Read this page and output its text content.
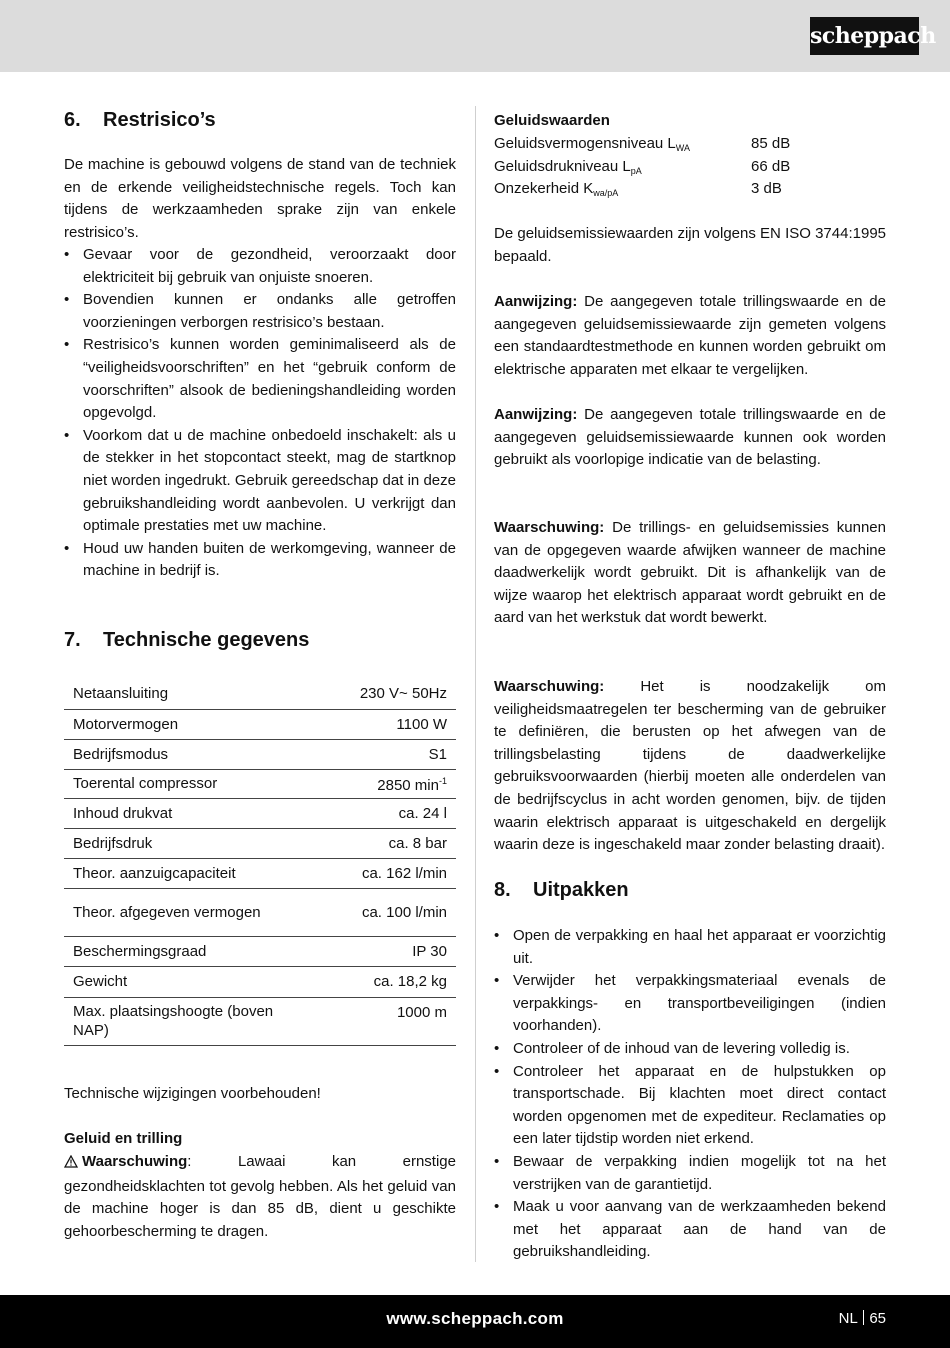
scheppach
6. Restrisico’s
De machine is gebouwd volgens de stand van de techniek en de erkende veiligheidstechnische regels. Toch kan tijdens de werkzaamheden sprake zijn van enkele restrisico’s.
• Gevaar voor de gezondheid, veroorzaakt door elektriciteit bij gebruik van onjuiste snoeren.
• Bovendien kunnen er ondanks alle getroffen voorzieningen verborgen restrisico’s bestaan.
• Restrisico’s kunnen worden geminimaliseerd als de “veiligheidsvoorschriften” en het “gebruik conform de voorschriften” alsook de bedieningshandleiding worden opgevolgd.
• Voorkom dat u de machine onbedoeld inschakelt: als u de stekker in het stopcontact steekt, mag de startknop niet worden ingedrukt. Gebruik gereedschap dat in deze gebruikshandleiding wordt aanbevolen. U verkrijgt dan optimale prestaties met uw machine.
• Houd uw handen buiten de werkomgeving, wanneer de machine in bedrijf is.
7. Technische gegevens
Netaansluiting	230 V~ 50Hz
Motorvermogen	1100 W
Bedrijfsmodus	S1
Toerental compressor	2850 $\min^{-1}$
Inhoud drukvat	ca. 24 l
Bedrijfsdruk	ca. 8 bar
Theor. aanzuigcapaciteit	ca. 162 l/min
Theor. afgegeven vermogen	ca. 100 l/min
Beschermingsgraad	IP 30
Gewicht	ca. 18,2 kg
Max. plaatsingshoogte (boven NAP)	1000 m
Technische wijzigingen voorbehouden!
Geluid en trilling
Waarschuwing: Lawaai kan ernstige gezondheidsklachten tot gevolg hebben. Als het geluid van de machine hoger is dan 85 dB, dient u geschikte gehoorbescherming te dragen.
Geluidswaarden
Geluidsvermogensniveau $L_{WA}$	85 dB
Geluidsdrukniveau $L_{pA}$	66 dB
Onzekerheid $K_{wa/pA}$	3 dB
De geluidsemissiewaarden zijn volgens EN ISO 3744:1995 bepaald.
Aanwijzing: De aangegeven totale trillingswaarde en de aangegeven geluidsemissiewaarde zijn gemeten volgens een standaardtestmethode en kunnen worden gebruikt om elektrische apparaten met elkaar te vergelijken.
Aanwijzing: De aangegeven totale trillingswaarde en de aangegeven geluidsemissiewaarde kunnen ook worden gebruikt als voorlopige indicatie van de belasting.
Waarschuwing: De trillings- en geluidsemissies kunnen van de opgegeven waarde afwijken wanneer de machine daadwerkelijk wordt gebruikt. Dit is afhankelijk van de wijze waarop het elektrisch apparaat wordt gebruikt en de aard van het werkstuk dat wordt bewerkt.
Waarschuwing: Het is noodzakelijk om veiligheidsmaatregelen ter bescherming van de gebruiker te definiëren, die berusten op het afwegen van de trillingsbelasting tijdens de daadwerkelijke gebruiksvoorwaarden (hierbij moeten alle onderdelen van de bedrijfscyclus in acht worden genomen, bijv. de tijden waarin elektrisch apparaat is uitgeschakeld en dergelijk waarin deze is ingeschakeld maar zonder belasting draait).
8. Uitpakken
• Open de verpakking en haal het apparaat er voorzichtig uit.
• Verwijder het verpakkingsmateriaal evenals de verpakkings- en transportbeveiligingen (indien voorhanden).
• Controleer of de inhoud van de levering volledig is.
• Controleer het apparaat en de hulpstukken op transportschade. Bij klachten moet direct contact worden opgenomen met de expediteur. Reclamaties op een later tijdstip worden niet erkend.
• Bewaar de verpakking indien mogelijk tot na het verstrijken van de garantietijd.
• Maak u voor aanvang van de werkzaamheden bekend met het apparaat aan de hand van de gebruikshandleiding.
www.scheppach.com	NL 65
